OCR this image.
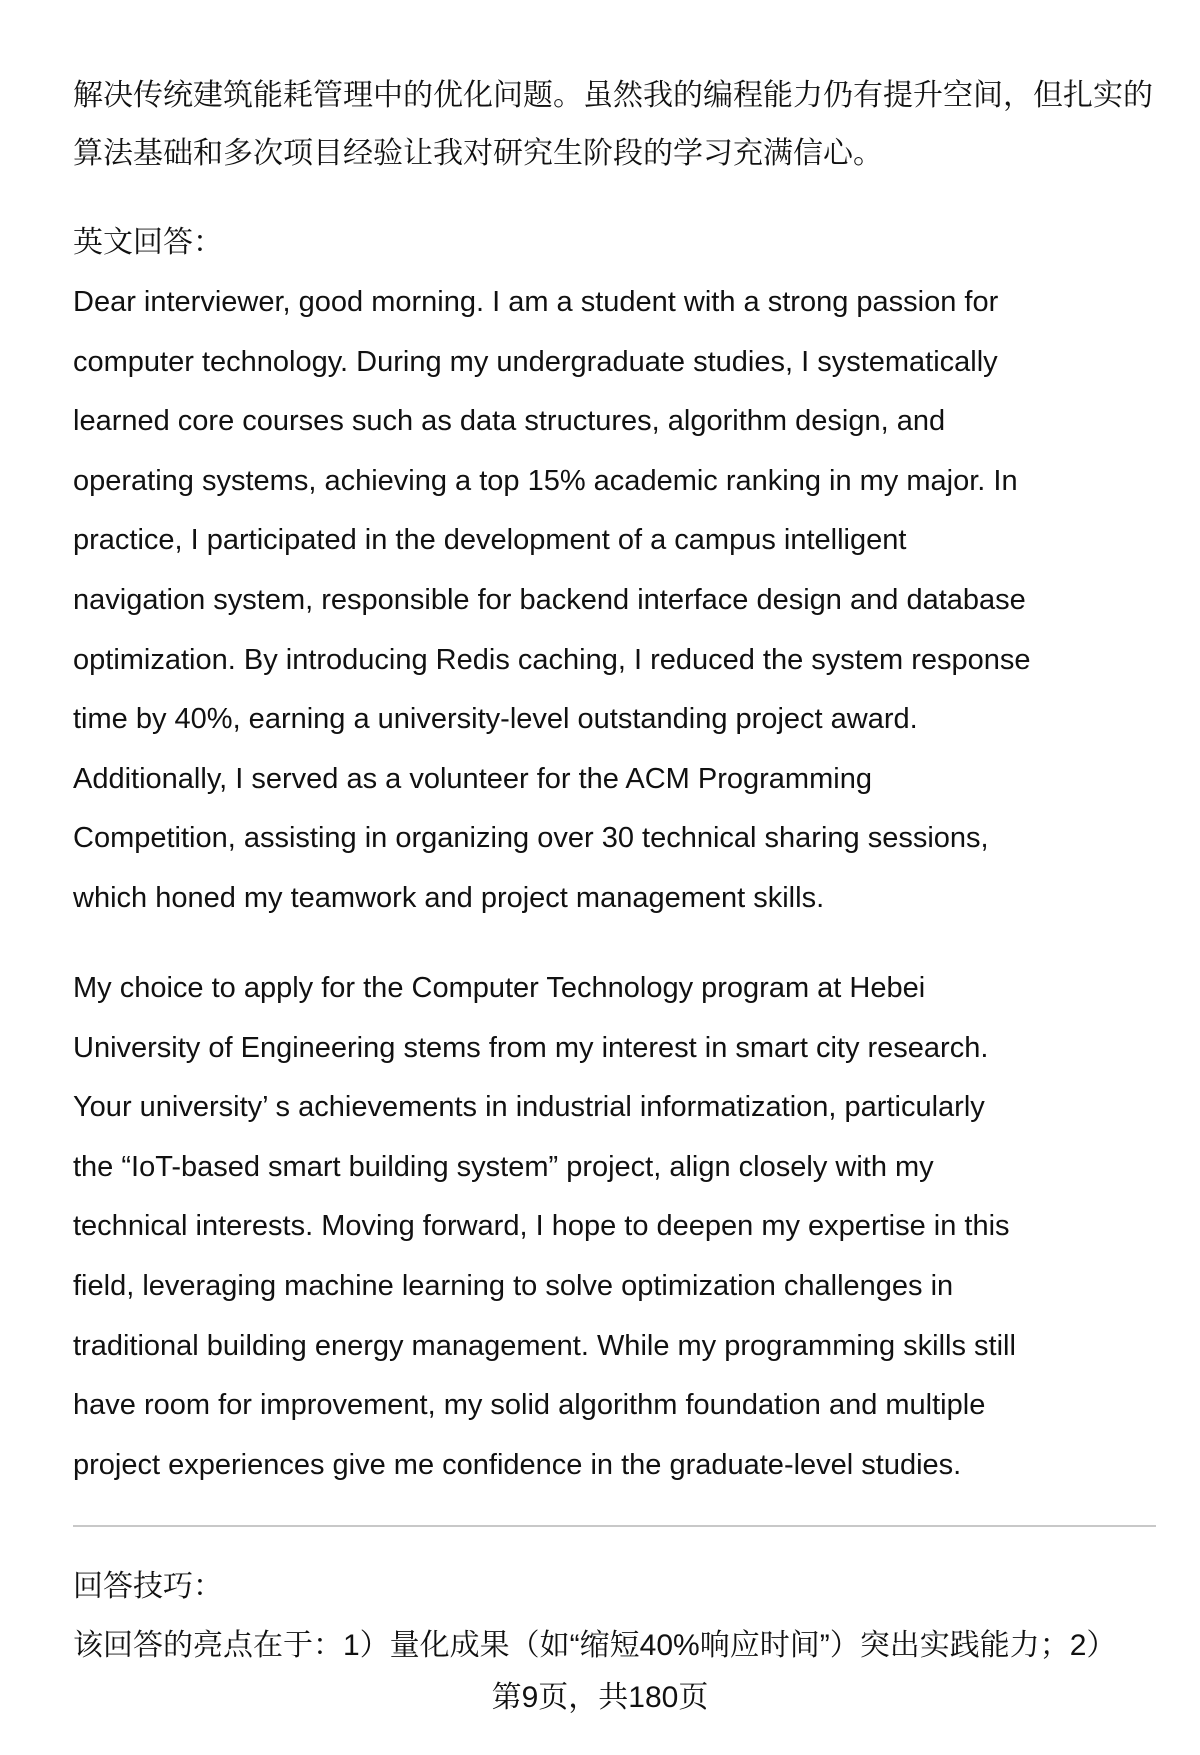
解决传统建筑能耗管理中的优化问题。虽然我的编程能力仍有提升空间，但扎实的
算法基础和多次项目经验让我对研究生阶段的学习充满信心。
英文回答：
Dear interviewer, good morning. I am a student with a strong passion for
computer technology. During my undergraduate studies, I systematically
learned core courses such as data structures, algorithm design, and
operating systems, achieving a top 15% academic ranking in my major. In
practice, I participated in the development of a campus intelligent
navigation system, responsible for backend interface design and database
optimization. By introducing Redis caching, I reduced the system response
time by 40%, earning a university-level outstanding project award.
Additionally, I served as a volunteer for the ACM Programming
Competition, assisting in organizing over 30 technical sharing sessions,
which honed my teamwork and project management skills.
My choice to apply for the Computer Technology program at Hebei
University of Engineering stems from my interest in smart city research.
Your university’ s achievements in industrial informatization, particularly
the “IoT-based smart building system” project, align closely with my
technical interests. Moving forward, I hope to deepen my expertise in this
field, leveraging machine learning to solve optimization challenges in
traditional building energy management. While my programming skills still
have room for improvement, my solid algorithm foundation and multiple
project experiences give me confidence in the graduate-level studies.
回答技巧：
该回答的亮点在于：1）量化成果（如“缩短40%响应时间”）突出实践能力；2）
第9页，共180页
